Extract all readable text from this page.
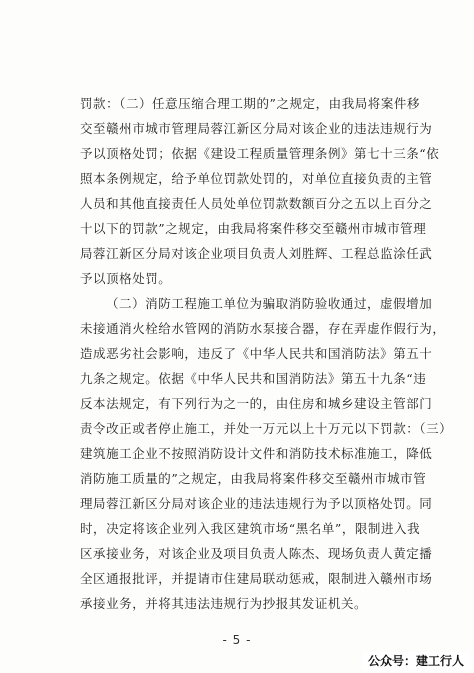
罚款：（二）任意压缩合理工期的”之规定，由我局将案件移
交至赣州市城市管理局蓉江新区分局对该企业的违法违规行为
予以顶格处罚；依据《建设工程质量管理条例》第七十三条“依
照本条例规定，给予单位罚款处罚的，对单位直接负责的主管
人员和其他直接责任人员处单位罚款数额百分之五以上百分之
十以下的罚款”之规定，由我局将案件移交至赣州市城市管理
局蓉江新区分局对该企业项目负责人刘胜辉、工程总监涂任武
予以顶格处罚。
（二）消防工程施工单位为骗取消防验收通过，虚假增加
未接通消火栓给水管网的消防水泵接合器，存在弄虚作假行为，
造成恶劣社会影响，违反了《中华人民共和国消防法》第五十
九条之规定。依据《中华人民共和国消防法》第五十九条“违
反本法规定，有下列行为之一的，由住房和城乡建设主管部门
责令改正或者停止施工，并处一万元以上十万元以下罚款：（三）
建筑施工企业不按照消防设计文件和消防技术标准施工，降低
消防施工质量的”之规定，由我局将案件移交至赣州市城市管
理局蓉江新区分局对该企业的违法违规行为予以顶格处罚。同
时，决定将该企业列入我区建筑市场“黑名单”，限制进入我
区承接业务，对该企业及项目负责人陈杰、现场负责人黄定播
全区通报批评，并提请市住建局联动惩戒，限制进入赣州市场
承接业务，并将其违法违规行为抄报其发证机关。
- 5 -
公众号：建工行人
